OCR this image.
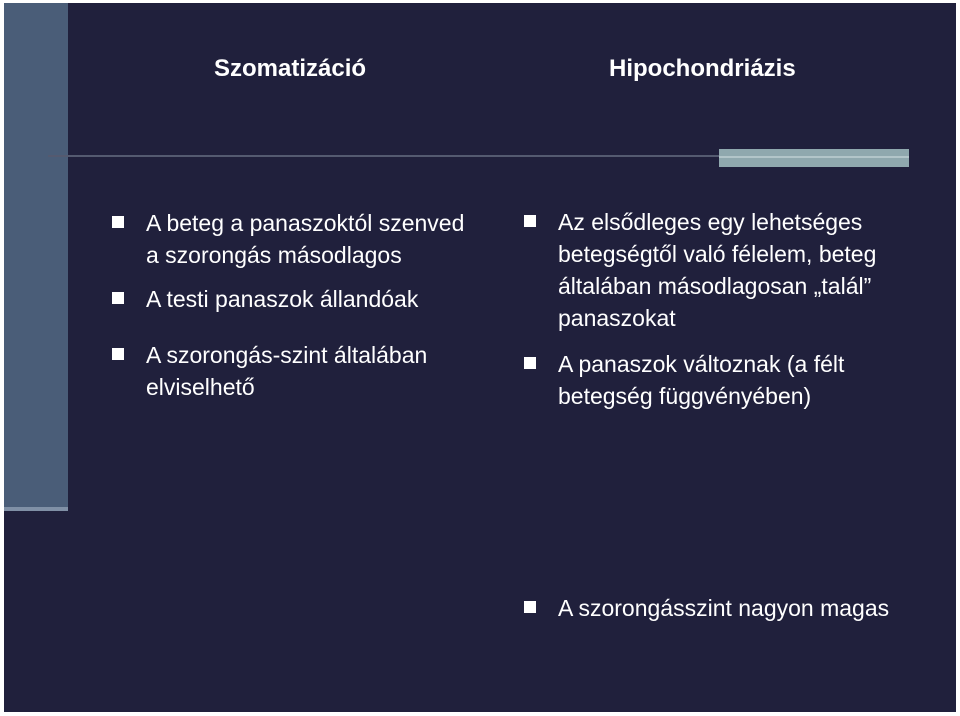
Szomatizáció	Hipochondriázis
A beteg a panaszoktól szenved a szorongás másodlagos
A testi panaszok állandóak
A szorongás-szint általában elviselhető
Az elsődleges egy lehetséges betegségtől való félelem, beteg általában másodlagosan „talál” panaszokat
A panaszok változnak (a félt betegség függvényében)
A szorongásszint nagyon magas
